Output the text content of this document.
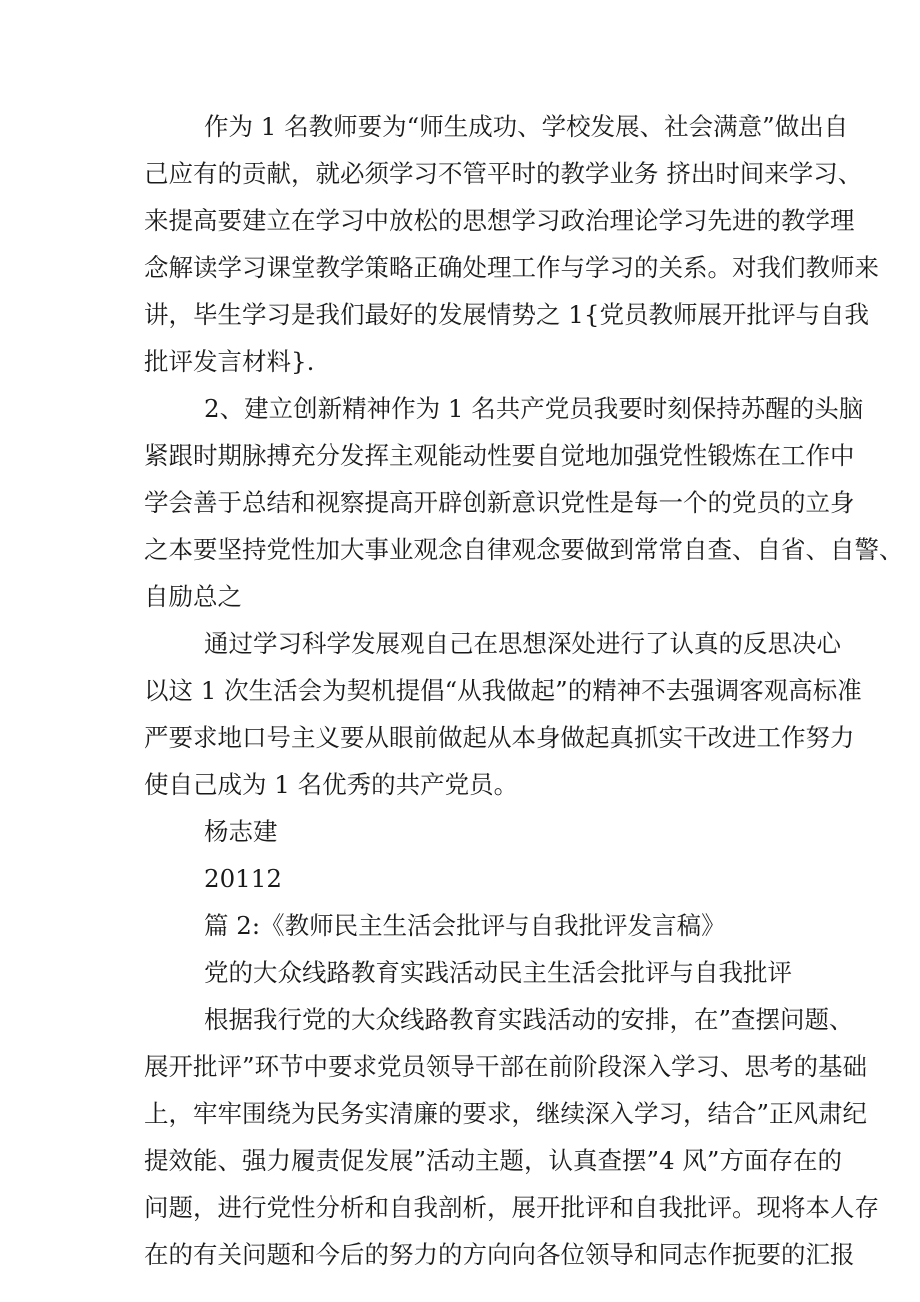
作为 1 名教师要为“师生成功、学校发展、社会满意”做出自
己应有的贡献，就必须学习不管平时的教学业务 挤出时间来学习、
来提高要建立在学习中放松的思想学习政治理论学习先进的教学理
念解读学习课堂教学策略正确处理工作与学习的关系。对我们教师来
讲，毕生学习是我们最好的发展情势之 1{党员教师展开批评与自我
批评发言材料}.
2、建立创新精神作为 1 名共产党员我要时刻保持苏醒的头脑
紧跟时期脉搏充分发挥主观能动性要自觉地加强党性锻炼在工作中
学会善于总结和视察提高开辟创新意识党性是每一个的党员的立身
之本要坚持党性加大事业观念自律观念要做到常常自查、自省、自警、
自励总之
通过学习科学发展观自己在思想深处进行了认真的反思决心
以这 1 次生活会为契机提倡“从我做起”的精神不去强调客观高标准
严要求地口号主义要从眼前做起从本身做起真抓实干改进工作努力
使自己成为 1 名优秀的共产党员。
杨志建
20112
篇 2:《教师民主生活会批评与自我批评发言稿》
党的大众线路教育实践活动民主生活会批评与自我批评
根据我行党的大众线路教育实践活动的安排，在”查摆问题、
展开批评”环节中要求党员领导干部在前阶段深入学习、思考的基础
上，牢牢围绕为民务实清廉的要求，继续深入学习，结合”正风肃纪
提效能、强力履责促发展”活动主题，认真查摆”4 风”方面存在的
问题，进行党性分析和自我剖析，展开批评和自我批评。现将本人存
在的有关问题和今后的努力的方向向各位领导和同志作扼要的汇报
